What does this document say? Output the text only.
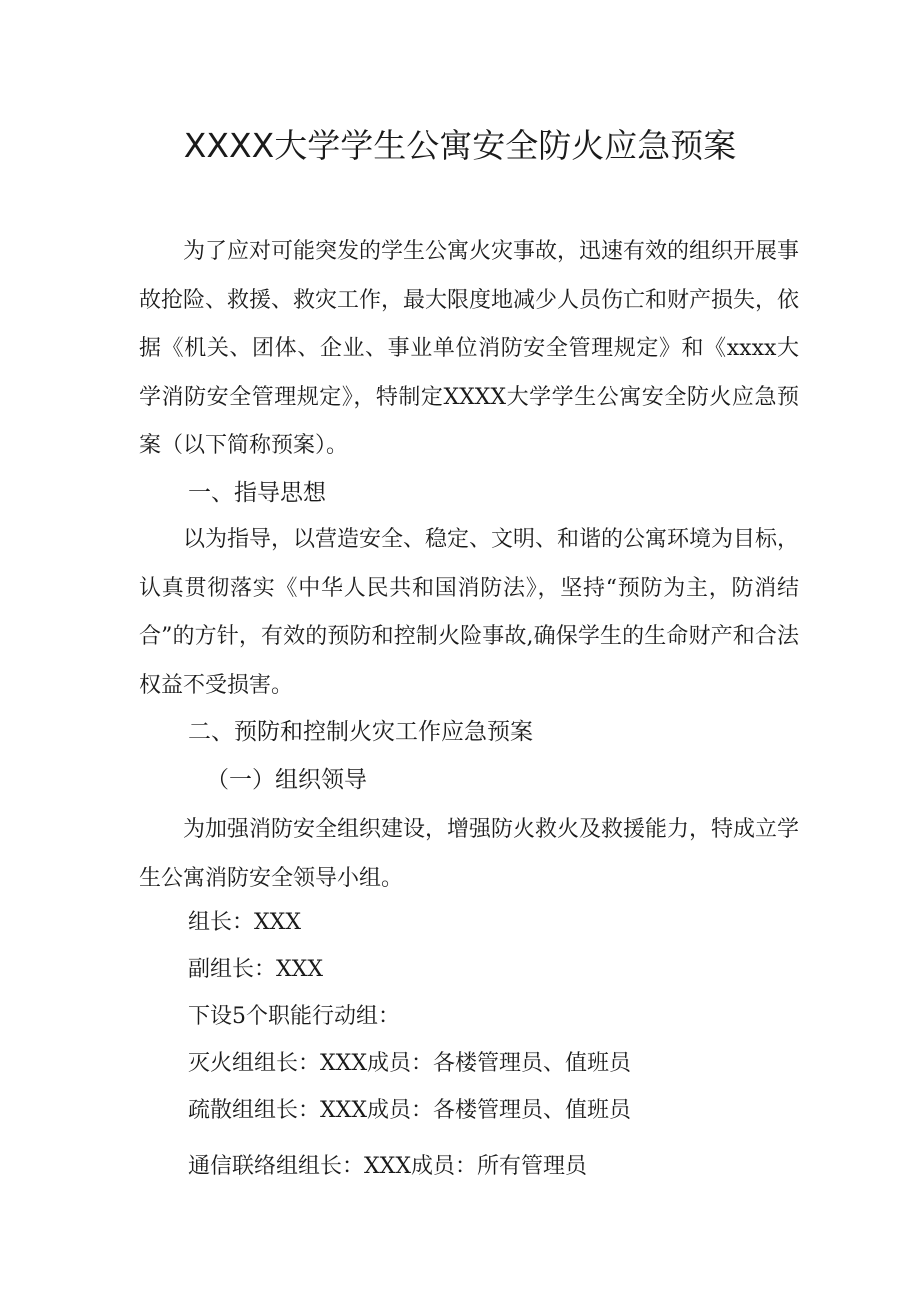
XXXX大学学生公寓安全防火应急预案
为了应对可能突发的学生公寓火灾事故，迅速有效的组织开展事故抢险、救援、救灾工作，最大限度地减少人员伤亡和财产损失，依据《机关、团体、企业、事业单位消防安全管理规定》和《xxxx大学消防安全管理规定》，特制定XXXX大学学生公寓安全防火应急预案（以下简称预案）。
一、指导思想
以为指导，以营造安全、稳定、文明、和谐的公寓环境为目标，认真贯彻落实《中华人民共和国消防法》，坚持“预防为主，防消结合”的方针，有效的预防和控制火险事故,确保学生的生命财产和合法权益不受损害。
二、预防和控制火灾工作应急预案
（一）组织领导
为加强消防安全组织建设，增强防火救火及救援能力，特成立学生公寓消防安全领导小组。
组长：XXX
副组长：XXX
下设5个职能行动组：
灭火组组长：XXX成员：各楼管理员、值班员
疏散组组长：XXX成员：各楼管理员、值班员
通信联络组组长：XXX成员：所有管理员
